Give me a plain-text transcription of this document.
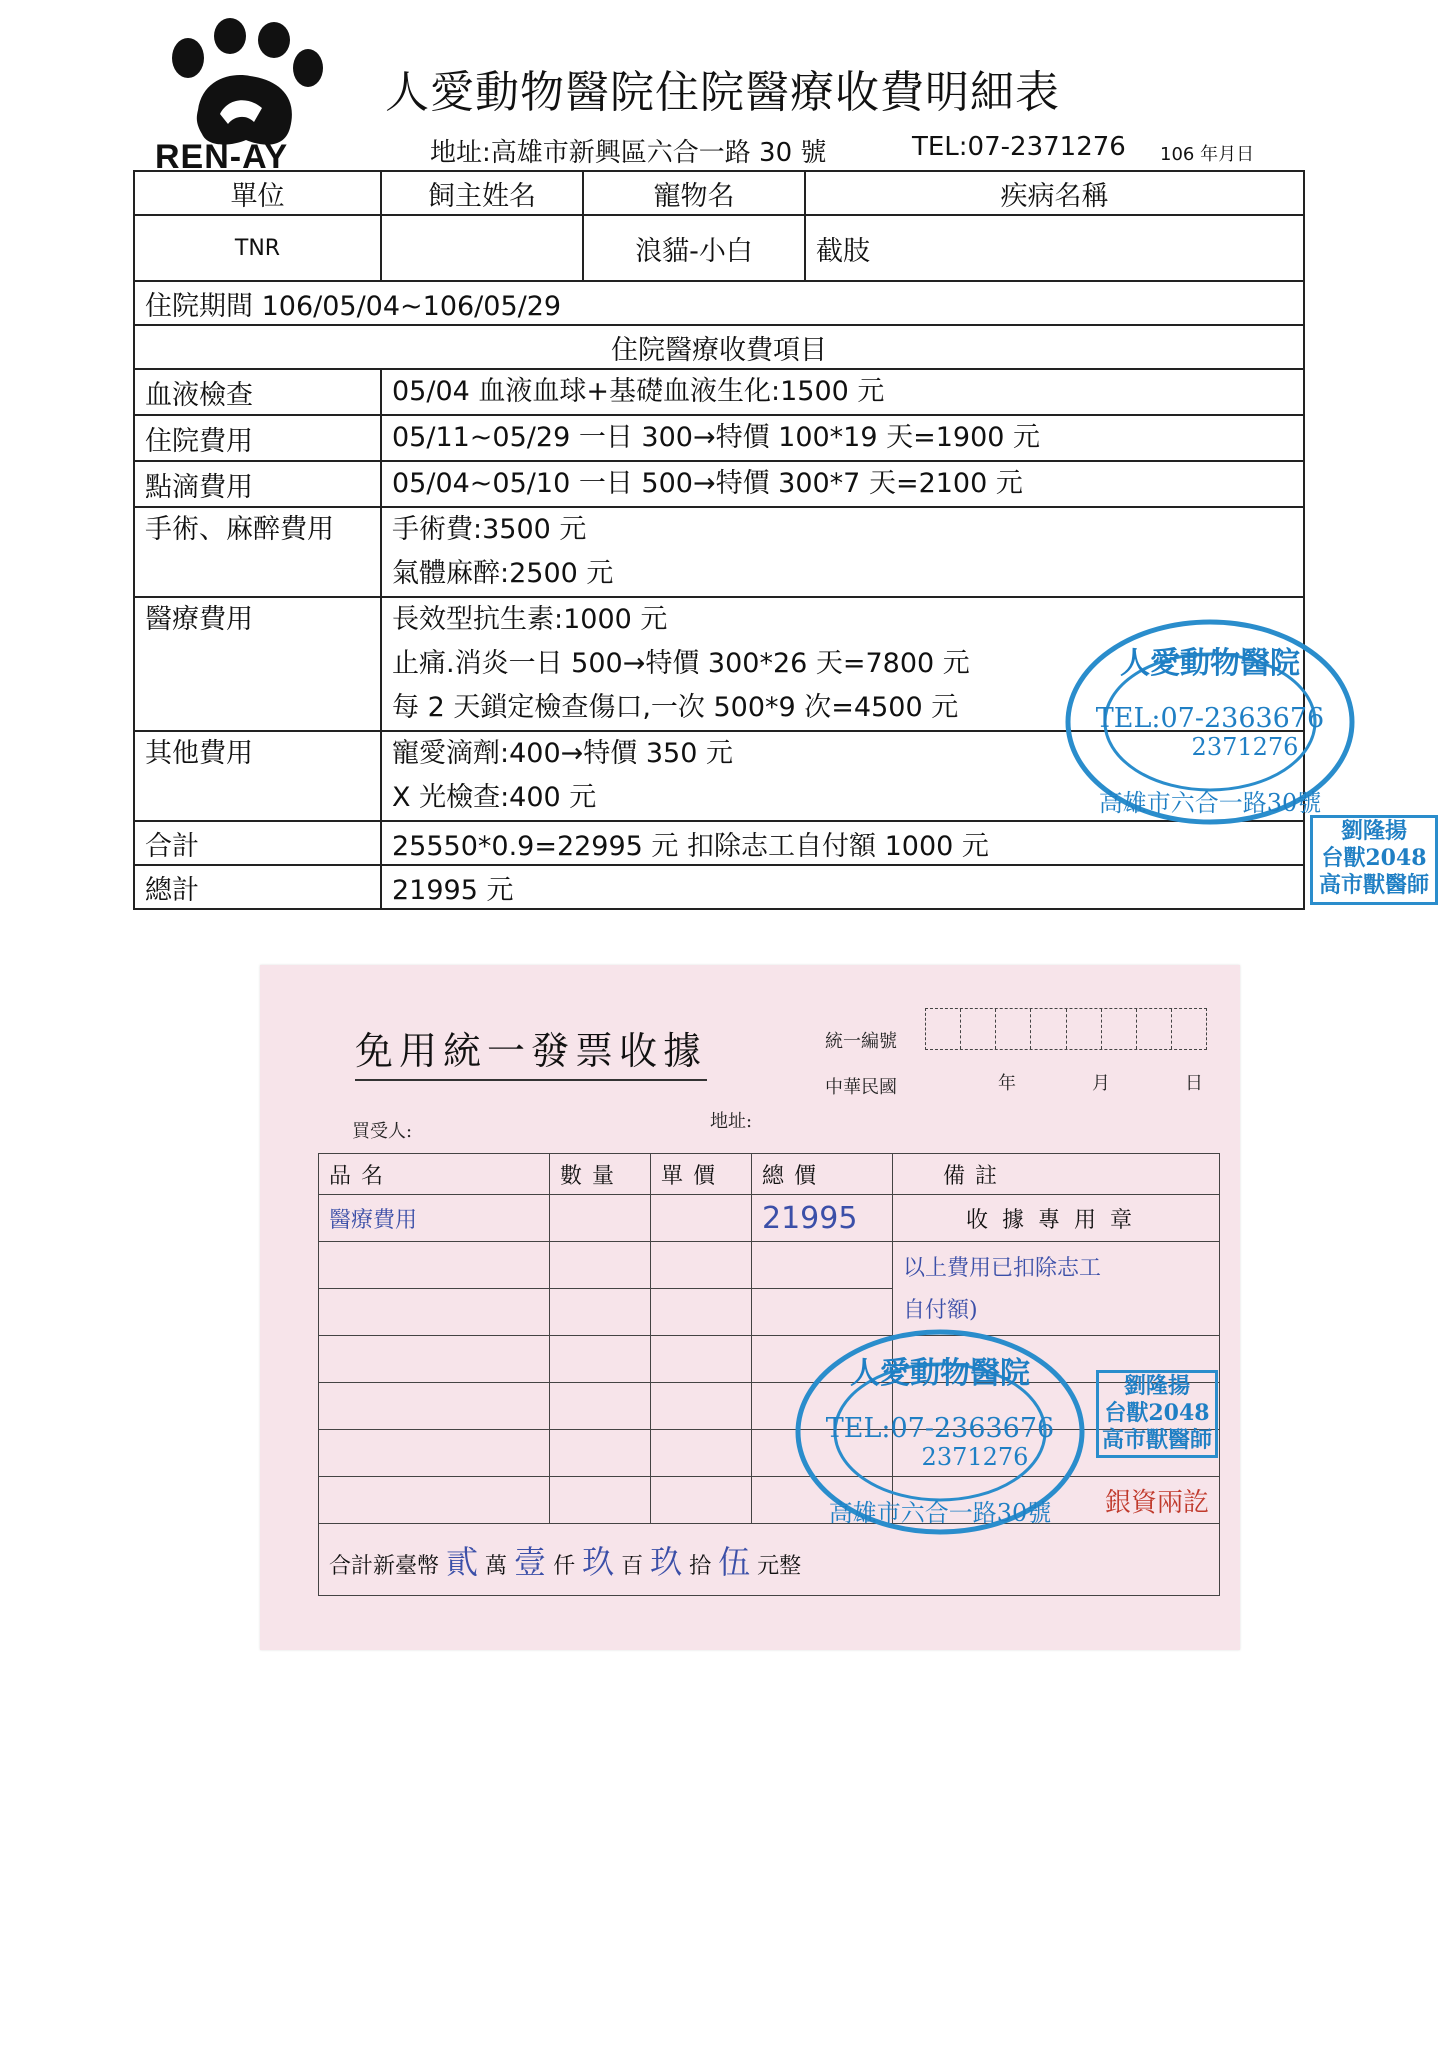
REN-AY
人愛動物醫院住院醫療收費明細表
地址:高雄市新興區六合一路 30 號	TEL:07-2371276 106 年月日
單位	飼主姓名	寵物名	疾病名稱
TNR		浪貓-小白	截肢
住院期間 106/05/04~106/05/29			
住院醫療收費項目			
血液檢查	05/04 血液血球+基礎血液生化:1500 元		

住院費用	05/11~05/29 一日 300→特價 100*19 天=1900 元		

點滴費用	05/04~05/10 一日 500→特價 300*7 天=2100 元		

手術、麻醉費用	手術費:3500 元
氣體麻醉:2500 元		

醫療費用	長效型抗生素:1000 元
止痛.消炎一日 500→特價 300*26 天=7800 元
每 2 天鎖定檢查傷口,一次 500*9 次=4500 元		

其他費用	寵愛滴劑:400→特價 350 元
X 光檢查:400 元		

合計	25550*0.9=22995 元 扣除志工自付額 1000 元		
總計	21995 元		
人愛動物醫院
TEL:07-2363676
2371276
高雄市六合一路30號
劉隆揚
台獸2048
高市獸醫師
免用統一發票收據	統一編號
中華民國	年	月	日
買受人:	地址:
品名	數量	單價	總價	備註
醫療費用			21995	收據專用章

				以上費用已扣除志工
自付額)

				銀資兩訖
合計新臺幣 貳 萬 壹 仟 玖 百 玖 拾 伍 元整				
人愛動物醫院
TEL:07-2363676
2371276
高雄市六合一路30號
劉隆揚
台獸2048
高市獸醫師
